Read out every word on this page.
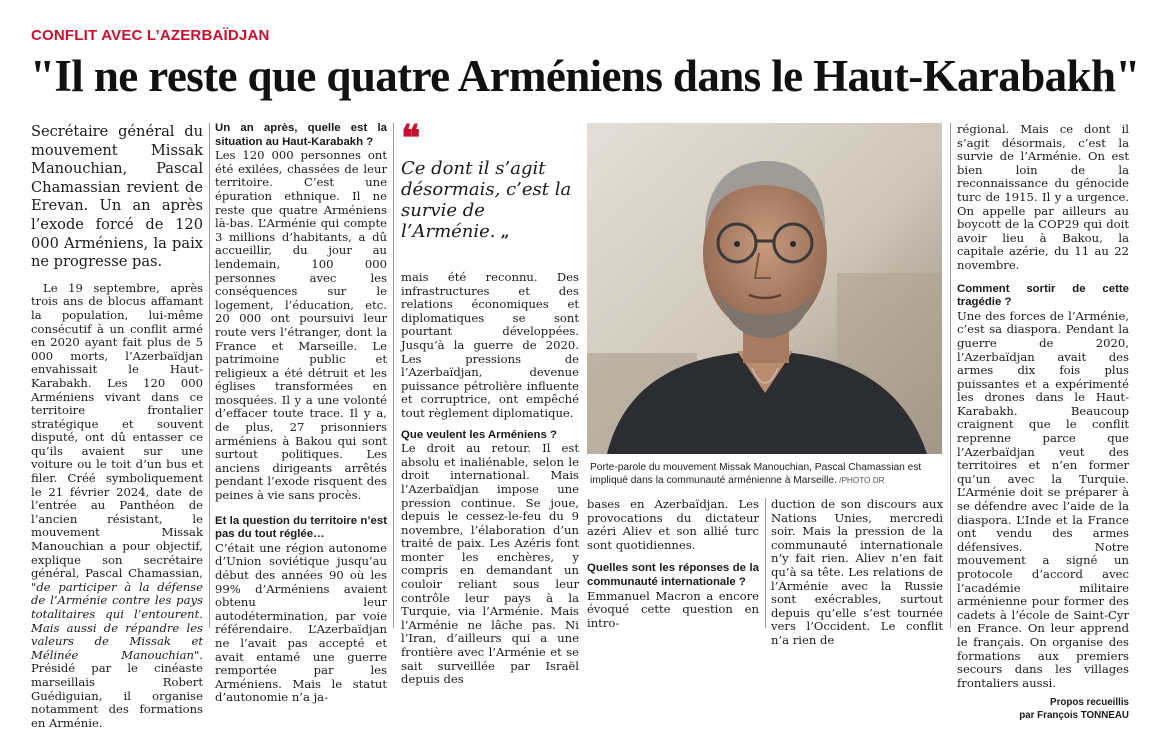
CONFLIT AVEC L’AZERBAÏDJAN
"Il ne reste que quatre Arméniens dans le Haut-Karabakh"

Secrétaire général du mouvement Missak Manouchian, Pascal Chamassian revient de Erevan. Un an après l’exode forcé de 120 000 Arméniens, la paix ne progresse pas.

Le 19 septembre, après trois ans de blocus affamant la population, lui-même consécutif à un conflit armé en 2020 ayant fait plus de 5 000 morts, l’Azerbaïdjan envahissait le Haut-Karabakh. Les 120 000 Arméniens vivant dans ce territoire frontalier stratégique et souvent disputé, ont dû entasser ce qu’ils avaient sur une voiture ou le toit d’un bus et filer. Créé symboliquement le 21 février 2024, date de l’entrée au Panthéon de l’ancien résistant, le mouvement Missak Manouchian a pour objectif, explique son secrétaire général, Pascal Chamassian, "de participer à la défense de l’Arménie contre les pays totalitaires qui l’entourent. Mais aussi de répandre les valeurs de Missak et Mélinée Manouchian". Présidé par le cinéaste marseillais Robert Guédiguian, il organise notamment des formations en Arménie.

Un an après, quelle est la situation au Haut-Karabakh ?

Les 120 000 personnes ont été exilées, chassées de leur territoire. C’est une épuration ethnique. Il ne reste que quatre Arméniens là-bas. L’Arménie qui compte 3 millions d’habitants, a dû accueillir, du jour au lendemain, 100 000 personnes avec les conséquences sur le logement, l’éducation, etc. 20 000 ont poursuivi leur route vers l’étranger, dont la France et Marseille. Le patrimoine public et religieux a été détruit et les églises transformées en mosquées. Il y a une volonté d’effacer toute trace. Il y a, de plus, 27 prisonniers arméniens à Bakou qui sont surtout politiques. Les anciens dirigeants arrêtés pendant l’exode risquent des peines à vie sans procès.

Et la question du territoire n’est pas du tout réglée…

C’était une région autonome d’Union soviétique jusqu’au début des années 90 où les 99% d’Arméniens avaient obtenu leur autodétermination, par voie référendaire. L’Azerbaïdjan ne l’avait pas accepté et avait entamé une guerre remportée par les Arméniens. Mais le statut d’autonomie n’a ja-

❝
Ce dont il s’agit désormais, c’est la survie de l’Arménie. „

mais été reconnu. Des infrastructures et des relations économiques et diplomatiques se sont pourtant développées. Jusqu’à la guerre de 2020. Les pressions de l’Azerbaïdjan, devenue puissance pétrolière influente et corruptrice, ont empêché tout règlement diplomatique.

Que veulent les Arméniens ?

Le droit au retour. Il est absolu et inaliénable, selon le droit international. Mais l’Azerbaïdjan impose une pression continue. Se joue, depuis le cessez-le-feu du 9 novembre, l’élaboration d’un traité de paix. Les Azéris font monter les enchères, y compris en demandant un couloir reliant sous leur contrôle leur pays à la Turquie, via l’Arménie. Mais l’Arménie ne lâche pas. Ni l’Iran, d’ailleurs qui a une frontière avec l’Arménie et se sait surveillée par Israël depuis des

Porte-parole du mouvement Missak Manouchian, Pascal Chamassian est impliqué dans la communauté arménienne à Marseille. /PHOTO DR

bases en Azerbaïdjan. Les provocations du dictateur azéri Aliev et son allié turc sont quotidiennes.

Quelles sont les réponses de la communauté internationale ?

Emmanuel Macron a encore évoqué cette question en intro-

duction de son discours aux Nations Unies, mercredi soir. Mais la pression de la communauté internationale n’y fait rien. Aliev n’en fait qu’à sa tête. Les relations de l’Arménie avec la Russie sont exécrables, surtout depuis qu’elle s’est tournée vers l’Occident. Le conflit n’a rien de

régional. Mais ce dont il s’agit désormais, c’est la survie de l’Arménie. On est bien loin de la reconnaissance du génocide turc de 1915. Il y a urgence. On appelle par ailleurs au boycott de la COP29 qui doit avoir lieu à Bakou, la capitale azérie, du 11 au 22 novembre.

Comment sortir de cette tragédie ?

Une des forces de l’Arménie, c’est sa diaspora. Pendant la guerre de 2020, l’Azerbaïdjan avait des armes dix fois plus puissantes et a expérimenté les drones dans le Haut-Karabakh. Beaucoup craignent que le conflit reprenne parce que l’Azerbaïdjan veut des territoires et n’en former qu’un avec la Turquie. L’Arménie doit se préparer à se défendre avec l’aide de la diaspora. L’Inde et la France ont vendu des armes défensives. Notre mouvement a signé un protocole d’accord avec l’académie militaire arménienne pour former des cadets à l’école de Saint-Cyr en France. On leur apprend le français. On organise des formations aux premiers secours dans les villages frontaliers aussi.

Propos recueillis
par François TONNEAU
